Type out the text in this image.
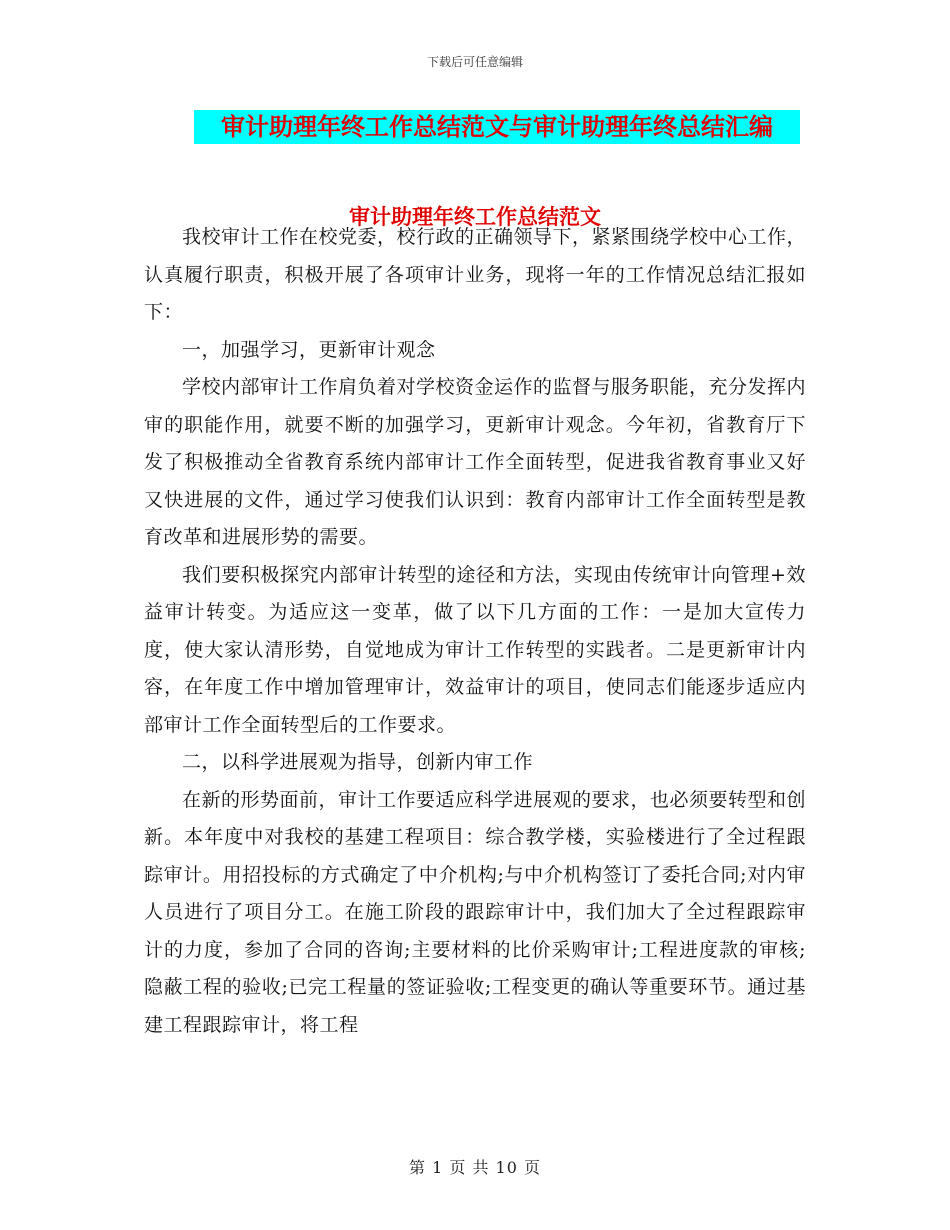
下载后可任意编辑
审计助理年终工作总结范文与审计助理年终总结汇编
审计助理年终工作总结范文

我校审计工作在校党委，校行政的正确领导下，紧紧围绕学校中心工作，认真履行职责，积极开展了各项审计业务，现将一年的工作情况总结汇报如下：

一，加强学习，更新审计观念

学校内部审计工作肩负着对学校资金运作的监督与服务职能，充分发挥内审的职能作用，就要不断的加强学习，更新审计观念。今年初，省教育厅下发了积极推动全省教育系统内部审计工作全面转型，促进我省教育事业又好又快进展的文件，通过学习使我们认识到：教育内部审计工作全面转型是教育改革和进展形势的需要。

我们要积极探究内部审计转型的途径和方法，实现由传统审计向管理+效益审计转变。为适应这一变革，做了以下几方面的工作：一是加大宣传力度，使大家认清形势，自觉地成为审计工作转型的实践者。二是更新审计内容，在年度工作中增加管理审计，效益审计的项目，使同志们能逐步适应内部审计工作全面转型后的工作要求。

二，以科学进展观为指导，创新内审工作

在新的形势面前，审计工作要适应科学进展观的要求，也必须要转型和创新。本年度中对我校的基建工程项目：综合教学楼，实验楼进行了全过程跟踪审计。用招投标的方式确定了中介机构;与中介机构签订了委托合同;对内审人员进行了项目分工。在施工阶段的跟踪审计中，我们加大了全过程跟踪审计的力度，参加了合同的咨询;主要材料的比价采购审计;工程进度款的审核;隐蔽工程的验收;已完工程量的签证验收;工程变更的确认等重要环节。通过基建工程跟踪审计，将工程

第 1 页 共 10 页
